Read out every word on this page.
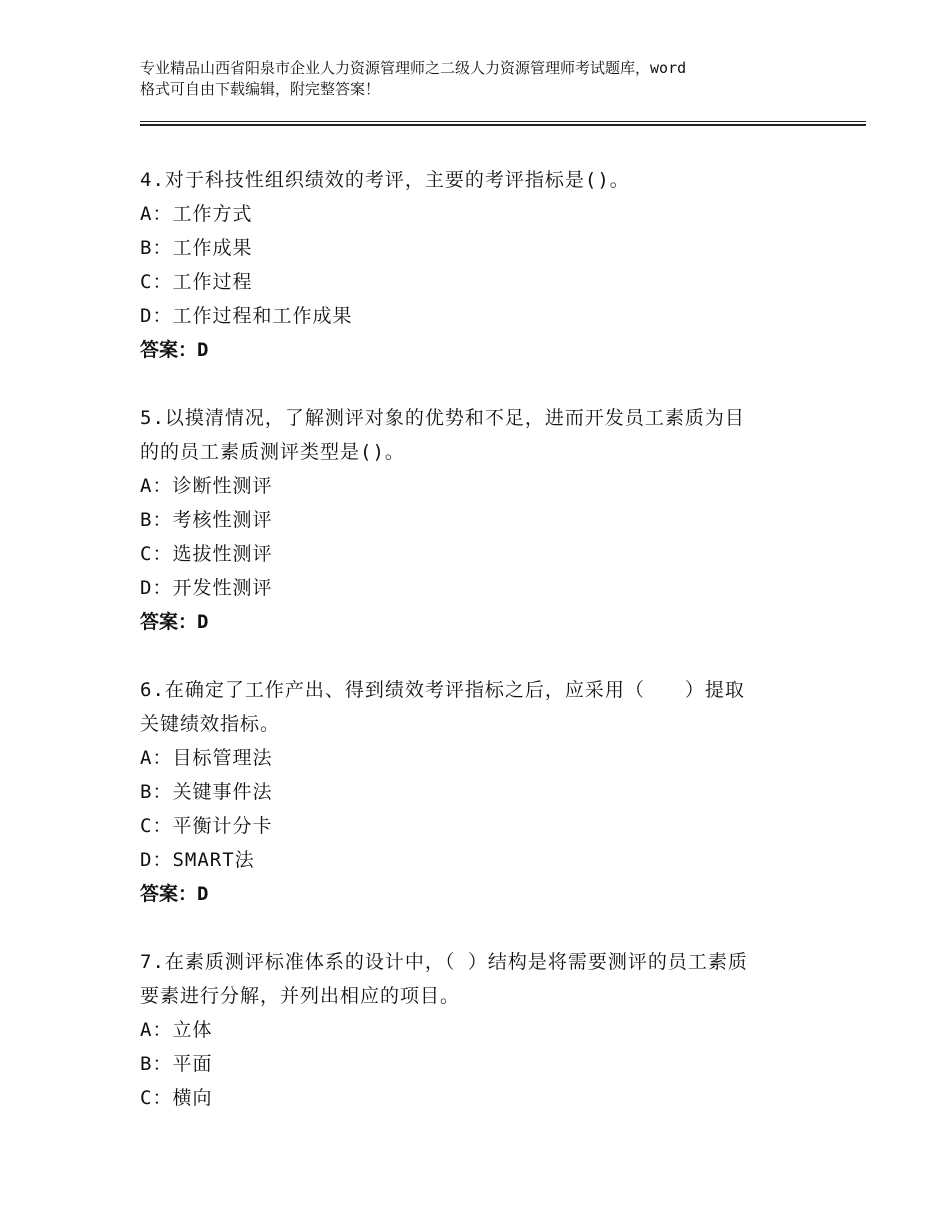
专业精品山西省阳泉市企业人力资源管理师之二级人力资源管理师考试题库，word
格式可自由下载编辑，附完整答案！
4.对于科技性组织绩效的考评，主要的考评指标是()。
A：工作方式
B：工作成果
C：工作过程
D：工作过程和工作成果
答案：D
5.以摸清情况，了解测评对象的优势和不足，进而开发员工素质为目
的的员工素质测评类型是()。
A：诊断性测评
B：考核性测评
C：选拔性测评
D：开发性测评
答案：D
6.在确定了工作产出、得到绩效考评指标之后，应采用（　　）提取
关键绩效指标。
A：目标管理法
B：关键事件法
C：平衡计分卡
D：SMART法
答案：D
7.在素质测评标准体系的设计中，（ ）结构是将需要测评的员工素质
要素进行分解，并列出相应的项目。
A：立体
B：平面
C：横向
